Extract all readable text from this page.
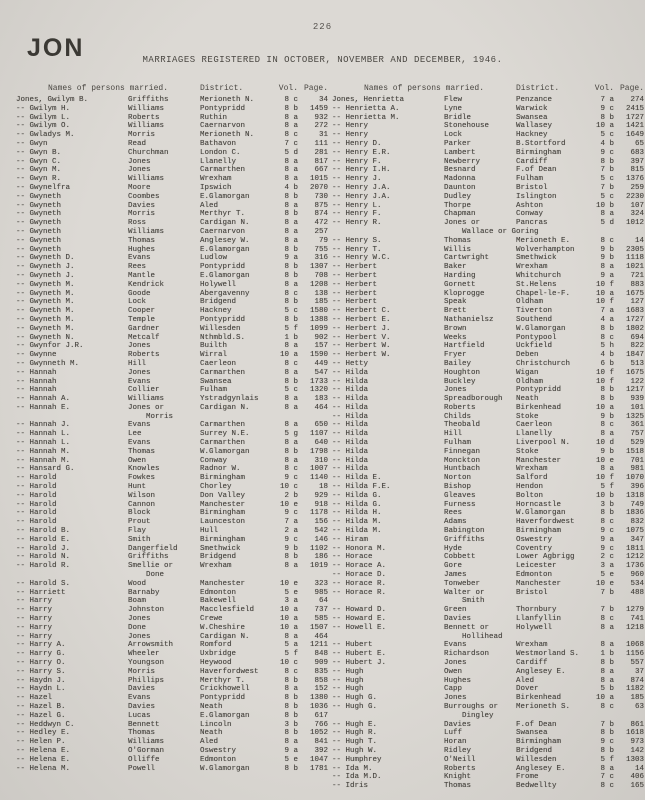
226
JON	MARRIAGES REGISTERED IN OCTOBER, NOVEMBER AND DECEMBER, 1946.
Names of persons married.	District.	Vol. Page.	Names of persons married.	District.	Vol. Page.
Jones, Gwilym B.	Griffiths	Merioneth N.	8 c	34
-- Gwilym H.	Williams	Pontypridd	8 b	1459
-- Gwilym L.	Roberts	Ruthin	8 a	932
-- Gwilym O.	Williams	Caernarvon	8 a	272
-- Gwladys M.	Morris	Merioneth N.	8 c	31
-- Gwyn	Read	Bathavon	7 c	111
-- Gwyn B.	Churchman	London C.	5 d	281
-- Gwyn C.	Jones	Llanelly	8 a	817
-- Gwyn M.	Jones	Carmarthen	8 a	667
-- Gwyn R.	Williams	Wrexham	8 a	1015
-- Gwynelfra	Moore	Ipswich	4 b	2070
-- Gwyneth	Coombes	E.Glamorgan	8 b	730
-- Gwyneth	Davies	Aled	8 a	875
-- Gwyneth	Morris	Merthyr T.	8 b	874
-- Gwyneth	Ross	Cardigan N.	8 a	472
-- Gwyneth	Williams	Caernarvon	8 a	257
-- Gwyneth	Thomas	Anglesey W.	8 a	79
-- Gwyneth	Hughes	E.Glamorgan	8 b	755
-- Gwyneth D.	Evans	Ludlow	9 a	316
-- Gwyneth J.	Rees	Pontypridd	8 b	1307
-- Gwyneth J.	Mantle	E.Glamorgan	8 b	708
-- Gwyneth M.	Kendrick	Holywell	8 a	1208
-- Gwyneth M.	Goode	Abergavenny	8 c	138
-- Gwyneth M.	Lock	Bridgend	8 b	185
-- Gwyneth M.	Cooper	Hackney	5 c	1580
-- Gwyneth M.	Temple	Pontypridd	8 b	1388
-- Gwyneth M.	Gardner	Willesden	5 f	1099
-- Gwyneth N.	Metcalf	Nthmbld.S.	1 b	902
-- Gwynfor J.R.	Jones	Builth	8 a	157
-- Gwynne	Roberts	Wirral	10 a	1590
-- Gwynneth M.	Hill	Caerleon	8 c	449
-- Hannah	Jones	Carmarthen	8 a	547
-- Hannah	Evans	Swansea	8 b	1733
-- Hannah	Collier	Fulham	5 c	1320
-- Hannah A.	Williams	Ystradgynlais	8 a	183
-- Hannah E.	Jones or	Cardigan N.	8 a	464
Morris
-- Hannah J.	Evans	Carmarthen	8 a	650
-- Hannah L.	Lee	Surrey N.E.	5 g	1107
-- Hannah L.	Evans	Carmarthen	8 a	640
-- Hannah M.	Thomas	W.Glamorgan	8 b	1798
-- Hannah M.	Owen	Conway	8 a	310
-- Hansard G.	Knowles	Radnor W.	8 c	1007
-- Harold	Fowkes	Birmingham	9 c	1140
-- Harold	Hunt	Chorley	10 c	18
-- Harold	Wilson	Don Valley	2 b	929
-- Harold	Cannon	Manchester	10 e	918
-- Harold	Block	Birmingham	9 c	1178
-- Harold	Prout	Launceston	7 a	156
-- Harold B.	Flay	Hull	2 a	542
-- Harold E.	Smith	Birmingham	9 c	146
-- Harold J.	Dangerfield	Smethwick	9 b	1102
-- Harold N.	Griffiths	Bridgend	8 b	186
-- Harold R.	Smellie or	Wrexham	8 a	1019
Done
-- Harold S.	Wood	Manchester	10 e	323
-- Harriett	Barnaby	Edmonton	5 e	985
-- Harry	Boam	Bakewell	3 a	64
-- Harry	Johnston	Macclesfield	10 a	737
-- Harry	Jones	Crewe	10 a	585
-- Harry	Done	W.Cheshire	10 a	1507
-- Harry	Jones	Cardigan N.	8 a	464
-- Harry A.	Arrowsmith	Romford	5 a	1211
-- Harry G.	Wheeler	Uxbridge	5 f	848
-- Harry O.	Youngson	Heywood	10 c	909
-- Harry S.	Morris	Haverfordwest	8 c	835
-- Haydn J.	Phillips	Merthyr T.	8 b	858
-- Haydn L.	Davies	Crickhowell	8 a	152
-- Hazel	Evans	Pontypridd	8 b	1380
-- Hazel B.	Davies	Neath	8 b	1036
-- Hazel G.	Lucas	E.Glamorgan	8 b	617
-- Heddwyn C.	Bennett	Lincoln	3 b	766
-- Hedley E.	Thomas	Neath	8 b	1052
-- Helen P.	Williams	Aled	8 a	841
-- Helena E.	O'Gorman	Oswestry	9 a	392
-- Helena E.	Olliffe	Edmonton	5 e	1047
-- Helena M.	Powell	W.Glamorgan	8 b	1781
Jones, Henrietta	Flew	Penzance	7 a	274
-- Henrietta A.	Lyne	Warwick	9 c	2415
-- Henrietta M.	Bridle	Swansea	8 b	1727
-- Henry	Stonehouse	Wallasey	10 a	1421
-- Henry	Lock	Hackney	5 c	1649
-- Henry D.	Parker	B.Stortford	4 b	65
-- Henry E.R.	Lambert	Birmingham	9 c	683
-- Henry F.	Newberry	Cardiff	8 b	397
-- Henry I.H.	Besnard	F.of Dean	7 b	815
-- Henry J.	Madonna	Fulham	5 c	1376
-- Henry J.A.	Daunton	Bristol	7 b	259
-- Henry J.A.	Dudley	Islington	5 c	2230
-- Henry L.	Thorpe	Ashton	10 b	107
-- Henry F.	Chapman	Conway	8 a	324
-- Henry R.	Jones or	Pancras	5 d	1012
Wallace or Goring
-- Henry S.	Thomas	Merioneth E.	8 c	14
-- Henry T.	Willis	Wolverhampton	9 b	2305
-- Henry W.C.	Cartwright	Smethwick	9 b	1118
-- Herbert	Baker	Wrexham	8 a	1021
-- Herbert	Harding	Whitchurch	9 a	721
-- Herbert	Gornett	St.Helens	10 f	883
-- Herbert	Kloprogge	Chapel-le-F.	10 a	1675
-- Herbert	Speak	Oldham	10 f	127
-- Herbert C.	Brett	Tiverton	7 a	1683
-- Herbert E.	Nathanielsz	Southend	4 a	1727
-- Herbert J.	Brown	W.Glamorgan	8 b	1802
-- Herbert V.	Weeks	Pontypool	8 c	694
-- Herbert W.	Hartfield	Uckfield	5 h	822
-- Herbert W.	Fryer	Deben	4 b	1847
-- Hetty	Bailey	Christchurch	6 b	513
-- Hilda	Houghton	Wigan	10 f	1675
-- Hilda	Buckley	Oldham	10 f	122
-- Hilda	Jones	Pontypridd	8 b	1217
-- Hilda	Spreadborough	Neath	8 b	939
-- Hilda	Roberts	Birkenhead	10 a	101
-- Hilda	Childs	Stoke	9 b	1325
-- Hilda	Theobald	Caerleon	8 c	361
-- Hilda	Hill	Llanelly	8 a	757
-- Hilda	Fulham	Liverpool N.	10 d	529
-- Hilda	Finnegan	Stoke	9 b	1518
-- Hilda	Monckton	Manchester	10 e	701
-- Hilda	Huntbach	Wrexham	8 a	981
-- Hilda E.	Norton	Salford	10 f	1070
-- Hilda F.E.	Bishop	Hendon	5 f	396
-- Hilda G.	Gleaves	Bolton	10 b	1318
-- Hilda G.	Furness	Horncastle	3 b	749
-- Hilda H.	Rees	W.Glamorgan	8 b	1836
-- Hilda M.	Adams	Haverfordwest	8 c	832
-- Hilda M.	Babington	Birmingham	9 c	1075
-- Hiram	Griffiths	Oswestry	9 a	347
-- Honora M.	Hyde	Coventry	9 c	1811
-- Horace	Cobbett	Lower Agbrigg	2 c	1212
-- Horace A.	Gore	Leicester	3 a	1736
-- Horace D.	James	Edmonton	5 e	960
-- Horace R.	Tonweber	Manchester	10 e	534
-- Horace R.	Walter or	Bristol	7 b	488
Smith
-- Howard D.	Green	Thornbury	7 b	1279
-- Howard E.	Davies	Llanfyllin	8 c	741
-- Howell E.	Bennett or	Holywell	8 a	1218
Hollihead
-- Hubert	Evans	Wrexham	8 a	1068
-- Hubert E.	Richardson	Westmorland S.	1 b	1156
-- Hubert J.	Jones	Cardiff	8 b	557
-- Hugh	Owen	Anglesey E.	8 a	37
-- Hugh	Hughes	Aled	8 a	874
-- Hugh	Capp	Dover	5 b	1182
-- Hugh G.	Jones	Birkenhead	10 a	185
-- Hugh G.	Burroughs or	Merioneth S.	8 c	63
Dingley
-- Hugh E.	Davies	F.of Dean	7 b	861
-- Hugh R.	Luff	Swansea	8 b	1618
-- Hugh T.	Horan	Birmingham	9 c	973
-- Hugh W.	Ridley	Bridgend	8 b	142
-- Humphrey	O'Neill	Willesden	5 f	1303
-- Ida M.	Roberts	Anglesey E.	8 a	14
-- Ida M.D.	Knight	Frome	7 c	406
-- Idris	Thomas	Bedwellty	8 c	165
